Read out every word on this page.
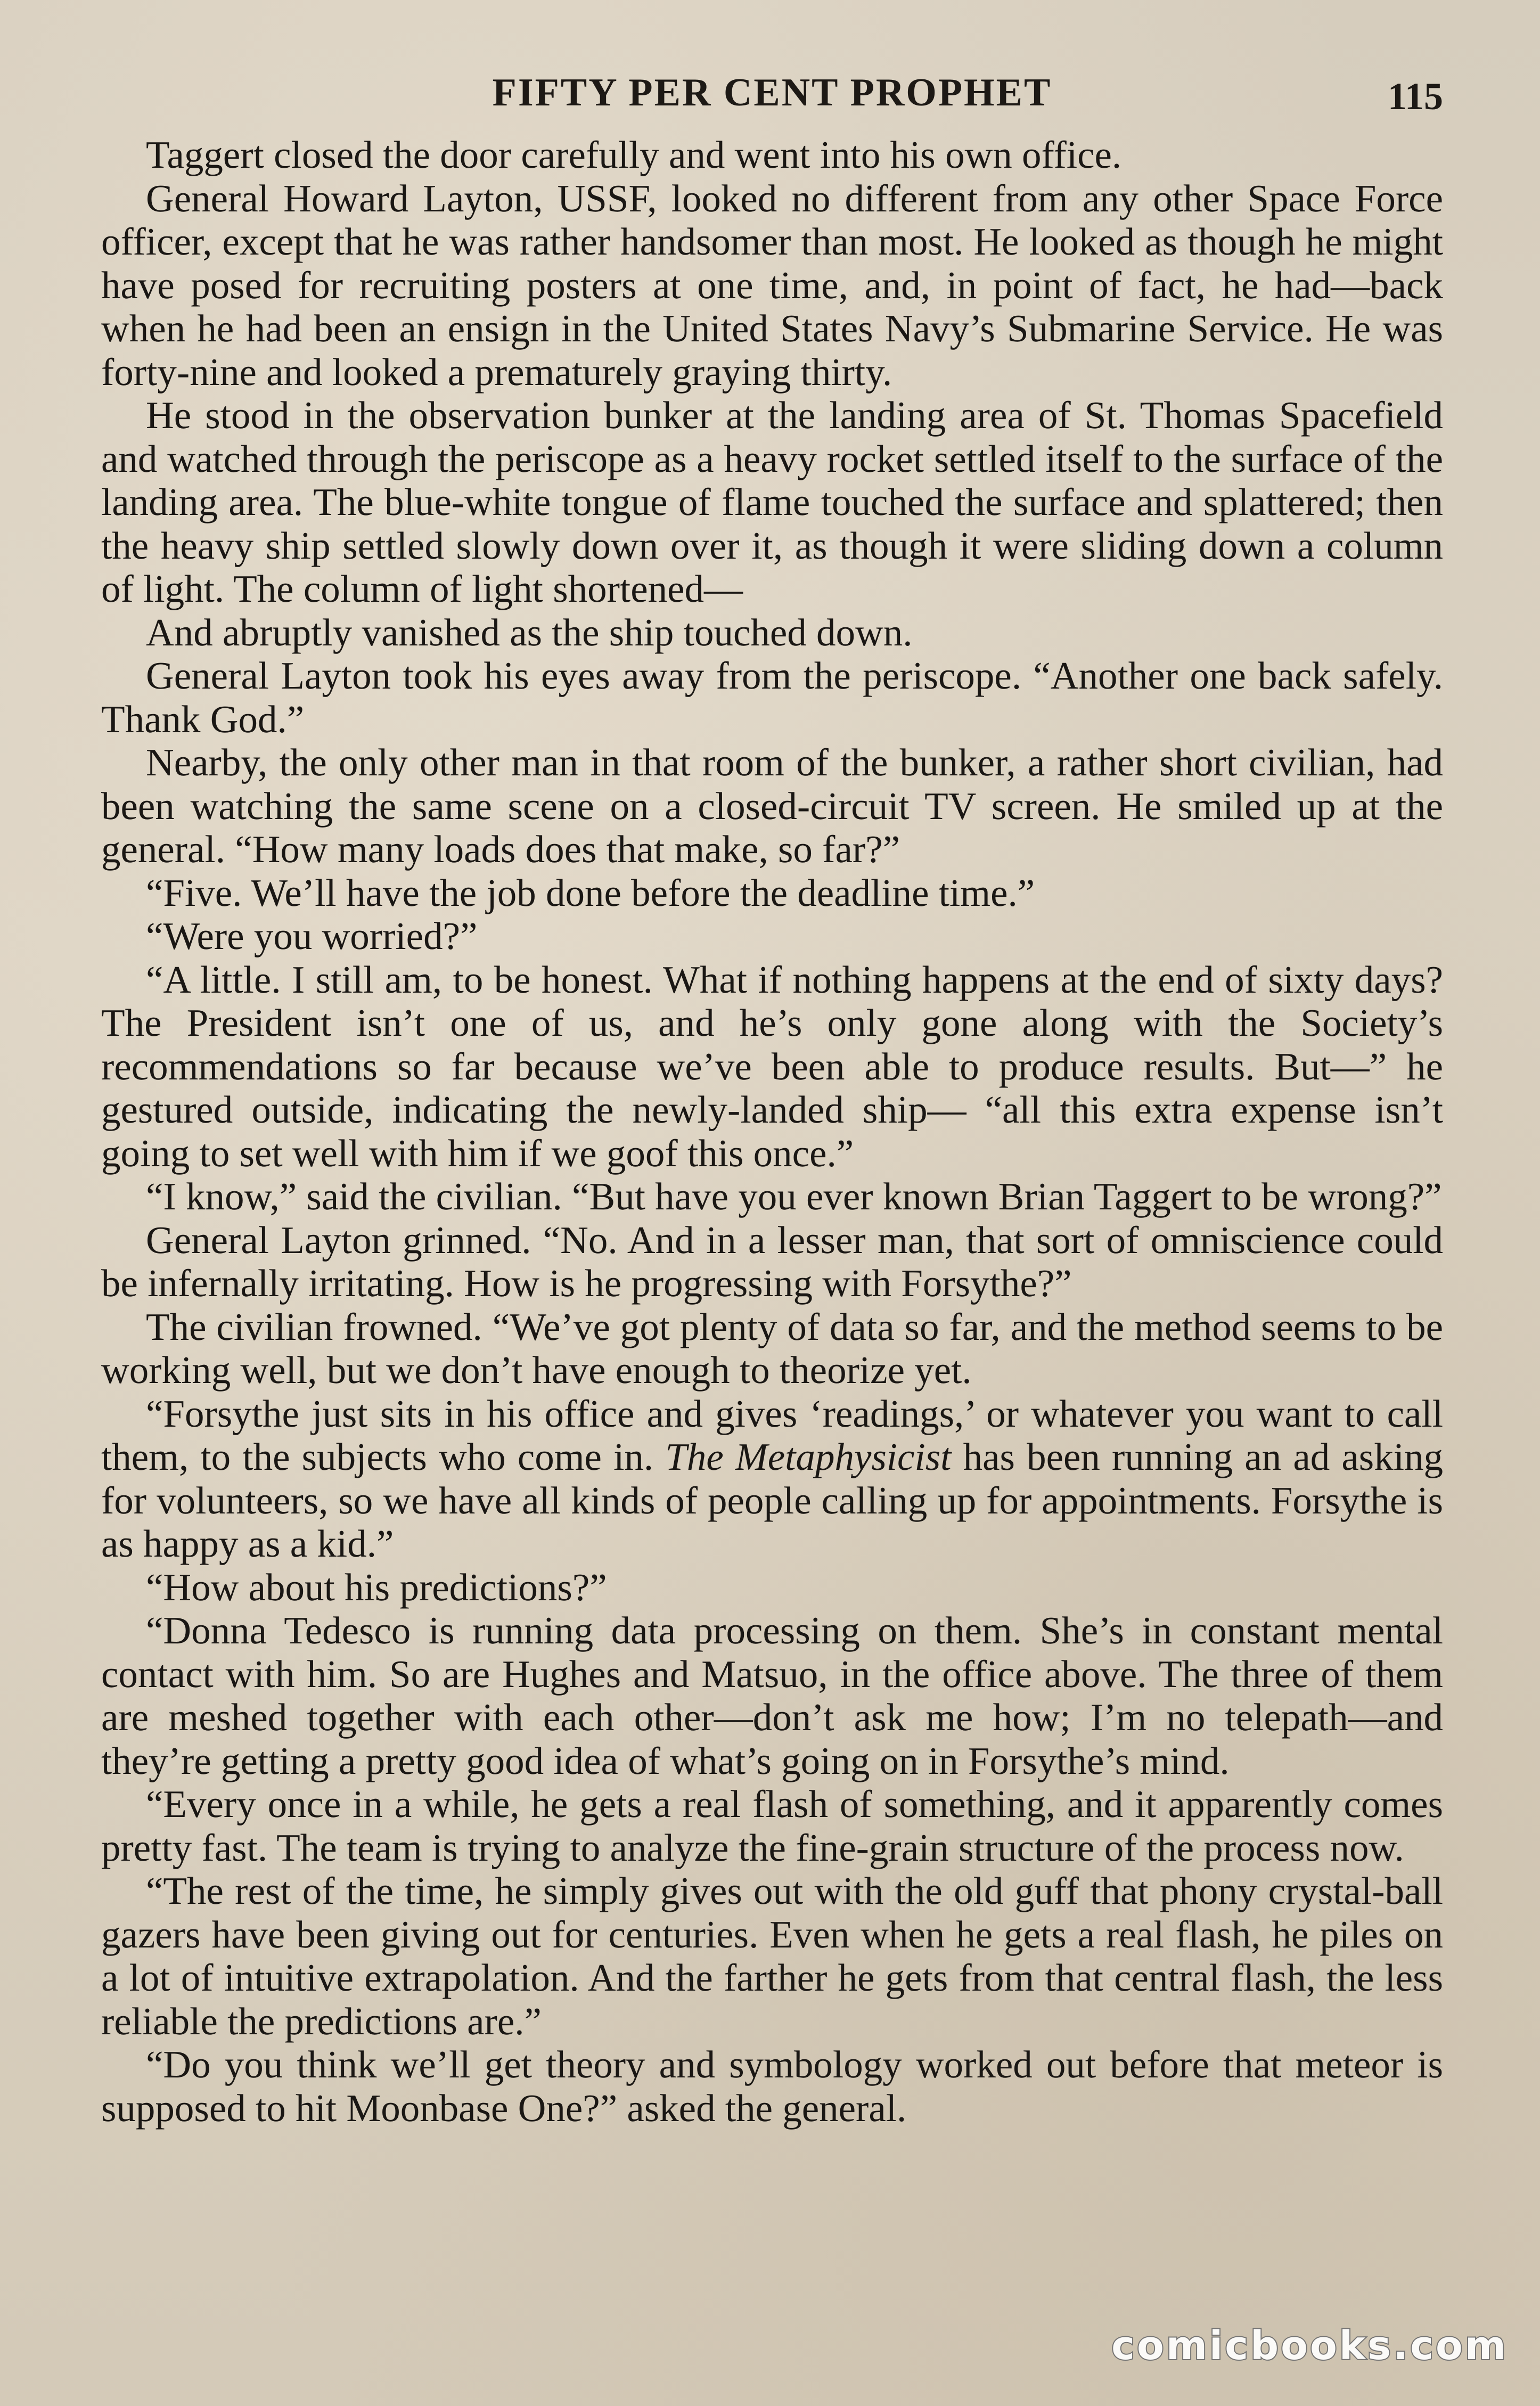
FIFTY PER CENT PROPHET	115

Taggert closed the door carefully and went into his own office.

General Howard Layton, USSF, looked no different from any other Space Force officer, except that he was rather handsomer than most. He looked as though he might have posed for recruiting posters at one time, and, in point of fact, he had—back when he had been an ensign in the United States Navy’s Submarine Service. He was forty-nine and looked a prematurely graying thirty.

He stood in the observation bunker at the landing area of St. Thomas Spacefield and watched through the periscope as a heavy rocket settled itself to the surface of the landing area. The blue-white tongue of flame touched the surface and splattered; then the heavy ship settled slowly down over it, as though it were sliding down a column of light. The column of light shortened—

And abruptly vanished as the ship touched down.

General Layton took his eyes away from the periscope. “Another one back safely. Thank God.”

Nearby, the only other man in that room of the bunker, a rather short civilian, had been watching the same scene on a closed-circuit TV screen. He smiled up at the general. “How many loads does that make, so far?”

“Five. We’ll have the job done before the deadline time.”

“Were you worried?”

“A little. I still am, to be honest. What if nothing happens at the end of sixty days? The President isn’t one of us, and he’s only gone along with the Society’s recommendations so far because we’ve been able to produce results. But—” he gestured outside, indicating the newly-landed ship— “all this extra expense isn’t going to set well with him if we goof this once.”

“I know,” said the civilian. “But have you ever known Brian Taggert to be wrong?”

General Layton grinned. “No. And in a lesser man, that sort of omniscience could be infernally irritating. How is he progressing with Forsythe?”

The civilian frowned. “We’ve got plenty of data so far, and the method seems to be working well, but we don’t have enough to theorize yet.

“Forsythe just sits in his office and gives ‘readings,’ or whatever you want to call them, to the subjects who come in. The Metaphysicist has been running an ad asking for volunteers, so we have all kinds of people calling up for appointments. Forsythe is as happy as a kid.”

“How about his predictions?”

“Donna Tedesco is running data processing on them. She’s in constant mental contact with him. So are Hughes and Matsuo, in the office above. The three of them are meshed together with each other—don’t ask me how; I’m no telepath—and they’re getting a pretty good idea of what’s going on in Forsythe’s mind.

“Every once in a while, he gets a real flash of something, and it apparently comes pretty fast. The team is trying to analyze the fine-grain structure of the process now.

“The rest of the time, he simply gives out with the old guff that phony crystal-ball gazers have been giving out for centuries. Even when he gets a real flash, he piles on a lot of intuitive extrapolation. And the farther he gets from that central flash, the less reliable the predictions are.”

“Do you think we’ll get theory and symbology worked out before that meteor is supposed to hit Moonbase One?” asked the general.

comicbooks.com
